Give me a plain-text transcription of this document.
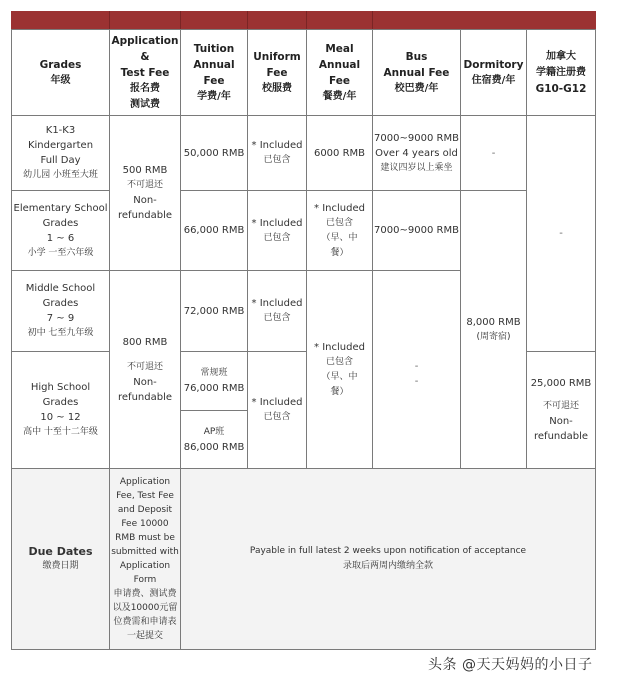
Grades
年级
Application
&
Test Fee
报名费
测试费
Tuition
Annual
Fee
学费/年
Uniform
Fee
校服费
Meal
Annual
Fee
餐费/年
Bus
Annual Fee
校巴费/年
Dormitory
住宿费/年
加拿大
学籍注册费
G10-G12
K1-K3
Kindergarten
Full Day
幼儿园 小班至大班
Elementary School
Grades
1 ~ 6
小学 一至六年级
Middle School
Grades
7 ~ 9
初中 七至九年级
High School
Grades
10 ~ 12
高中 十至十二年级
500 RMB
不可退还
Non-
refundable
800 RMB
不可退还
Non-
refundable
50,000 RMB
66,000 RMB
72,000 RMB
常规班
76,000 RMB
AP班
86,000 RMB
* Included
已包含
* Included
已包含
* Included
已包含
* Included
已包含
6000 RMB
* Included
已包含
（早、中
餐）
* Included
已包含
（早、中
餐）
7000~9000 RMB
Over 4 years old
建议四岁以上乘坐
7000~9000 RMB
-
-
-
8,000 RMB
(周寄宿)
-
25,000 RMB
不可退还
Non-
refundable
Due Dates
缴费日期
Application
Fee, Test Fee
and Deposit
Fee 10000
RMB must be
submitted with
Application
Form
申请费、测试费
以及10000元留
位费需和申请表
一起提交
Payable in full latest 2 weeks upon notification of acceptance
录取后两周内缴纳全款
头条 @天天妈妈的小日子
